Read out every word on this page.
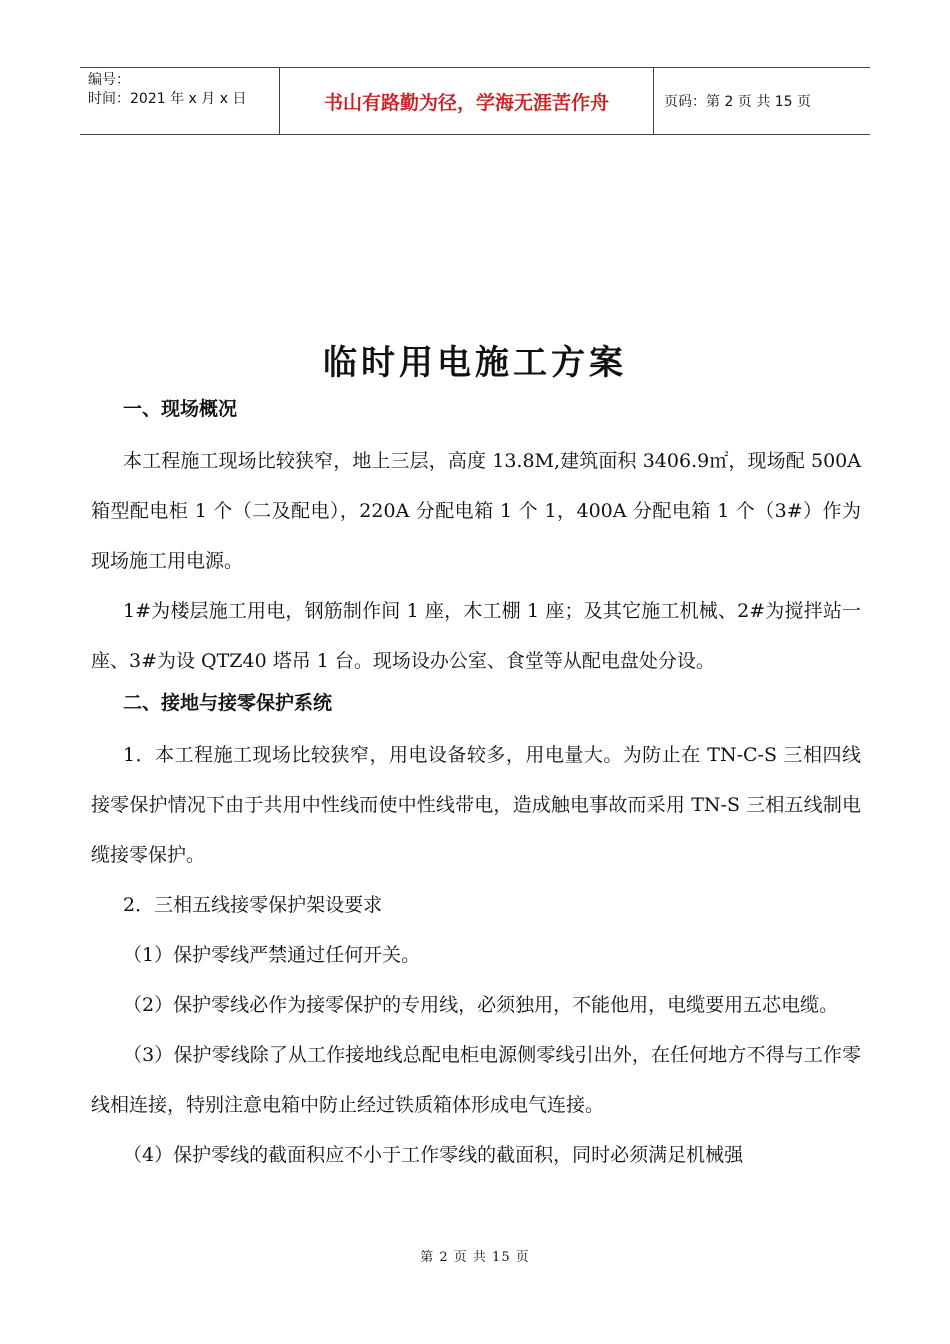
编号：
时间：2021 年 x 月 x 日	书山有路勤为径，学海无涯苦作舟	页码：第 2 页 共 15 页
临时用电施工方案
一、现场概况

本工程施工现场比较狭窄，地上三层，高度 13.8M,建筑面积 3406.9㎡，现场配 500A 箱型配电柜 1 个（二及配电），220A 分配电箱 1 个 1，400A 分配电箱 1 个（3#）作为现场施工用电源。

1#为楼层施工用电，钢筋制作间 1 座，木工棚 1 座；及其它施工机械、2#为搅拌站一座、3#为设 QTZ40 塔吊 1 台。现场设办公室、食堂等从配电盘处分设。

二、接地与接零保护系统

1．本工程施工现场比较狭窄，用电设备较多，用电量大。为防止在 TN-C-S 三相四线接零保护情况下由于共用中性线而使中性线带电，造成触电事故而采用 TN-S 三相五线制电缆接零保护。

2．三相五线接零保护架设要求

（1）保护零线严禁通过任何开关。

（2）保护零线必作为接零保护的专用线，必须独用，不能他用，电缆要用五芯电缆。

（3）保护零线除了从工作接地线总配电柜电源侧零线引出外，在任何地方不得与工作零线相连接，特别注意电箱中防止经过铁质箱体形成电气连接。

（4）保护零线的截面积应不小于工作零线的截面积，同时必须满足机械强

第 2 页 共 15 页
